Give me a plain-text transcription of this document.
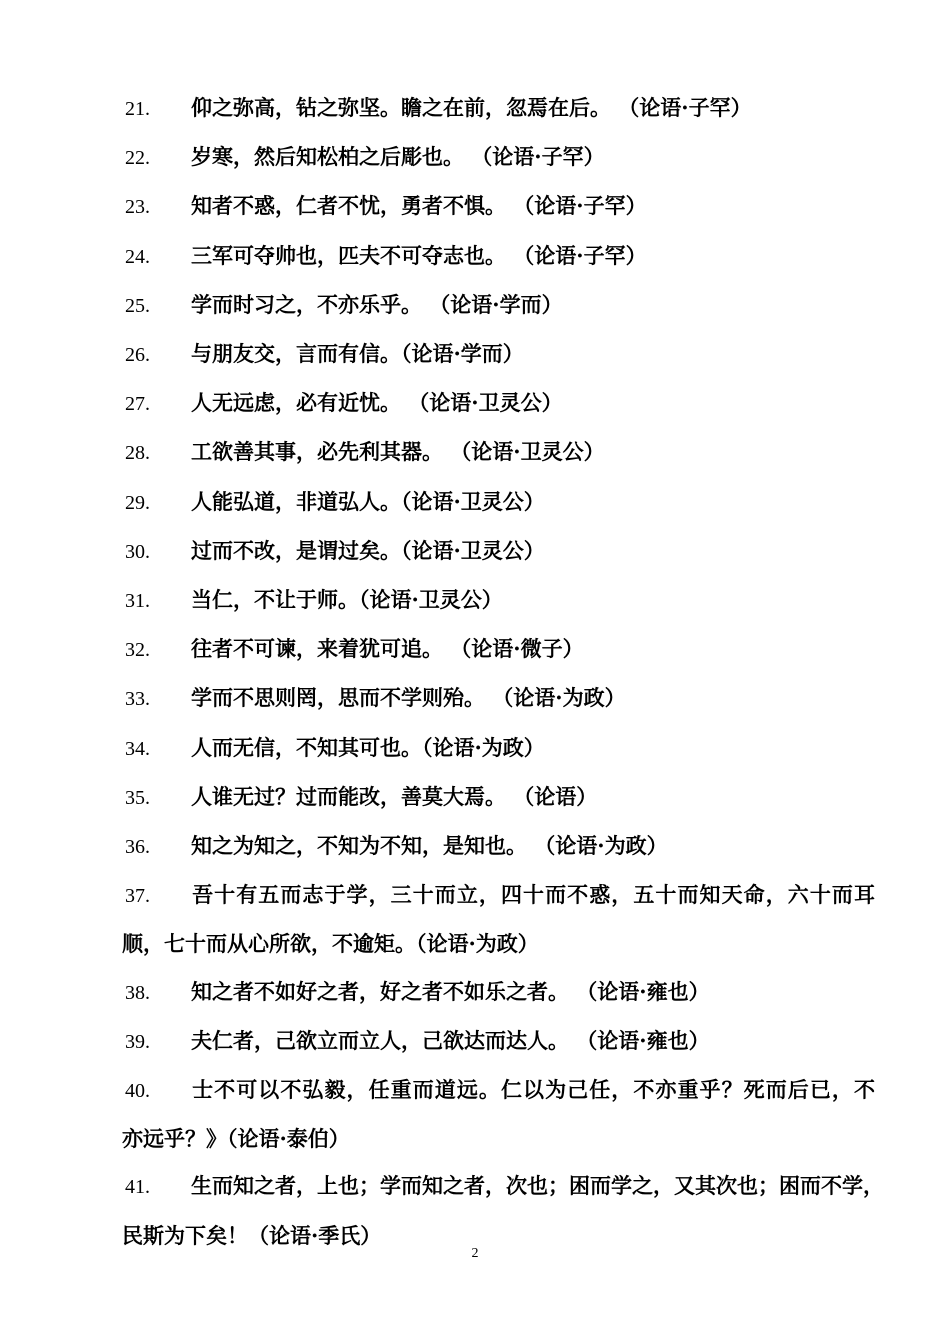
21. 仰之弥高，钻之弥坚。瞻之在前，忽焉在后。 （论语·子罕）
22. 岁寒，然后知松柏之后彫也。 （论语·子罕）
23. 知者不惑，仁者不忧，勇者不惧。 （论语·子罕）
24. 三军可夺帅也，匹夫不可夺志也。 （论语·子罕）
25. 学而时习之，不亦乐乎。 （论语·学而）
26. 与朋友交，言而有信。（论语·学而）
27. 人无远虑，必有近忧。 （论语·卫灵公）
28. 工欲善其事，必先利其器。 （论语·卫灵公）
29. 人能弘道，非道弘人。（论语·卫灵公）
30. 过而不改，是谓过矣。（论语·卫灵公）
31. 当仁，不让于师。（论语·卫灵公）
32. 往者不可谏，来着犹可追。 （论语·微子）
33. 学而不思则罔，思而不学则殆。 （论语·为政）
34. 人而无信，不知其可也。（论语·为政）
35. 人谁无过？过而能改，善莫大焉。 （论语）
36. 知之为知之，不知为不知，是知也。 （论语·为政）
37. 吾十有五而志于学，三十而立，四十而不惑，五十而知天命，六十而耳
顺，七十而从心所欲，不逾矩。（论语·为政）
38. 知之者不如好之者，好之者不如乐之者。 （论语·雍也）
39. 夫仁者，己欲立而立人，己欲达而达人。 （论语·雍也）
40. 士不可以不弘毅，任重而道远。仁以为己任，不亦重乎？死而后已，不
亦远乎？》（论语·泰伯）
41. 生而知之者，上也；学而知之者，次也；困而学之，又其次也；困而不学，
民斯为下矣！（论语·季氏）
2
